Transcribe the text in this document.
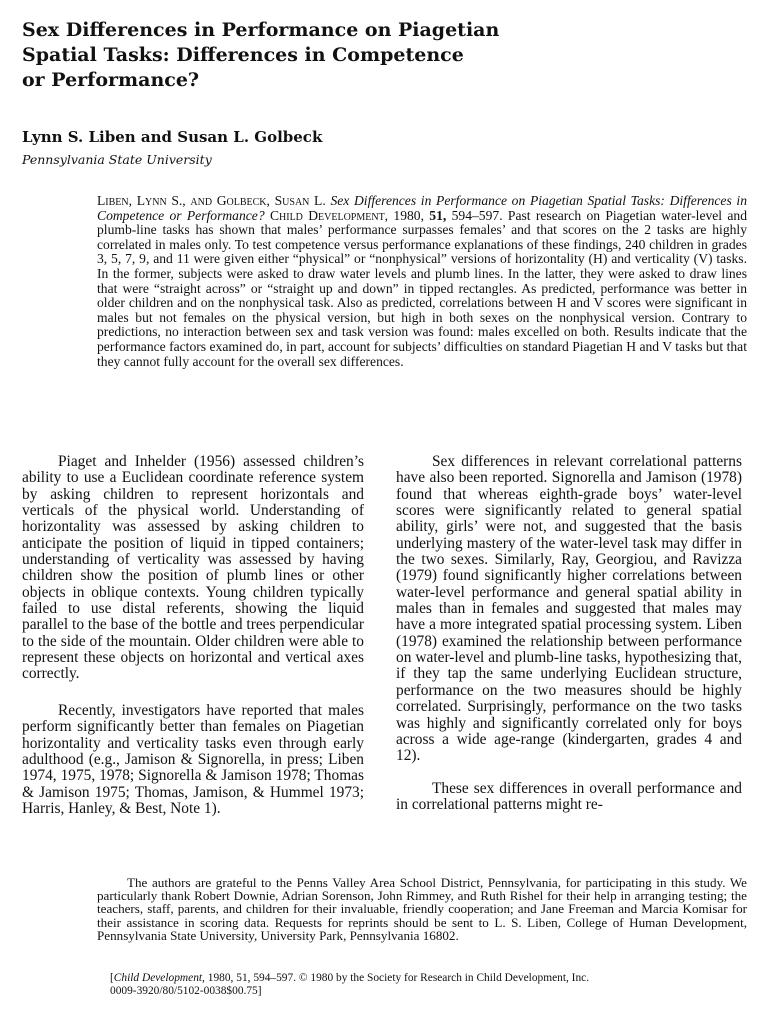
Sex Differences in Performance on Piagetian
Spatial Tasks: Differences in Competence
or Performance?

Lynn S. Liben and Susan L. Golbeck

Pennsylvania State University

Liben, Lynn S., and Golbeck, Susan L. Sex Differences in Performance on Piagetian Spatial Tasks: Differences in Competence or Performance? Child Development, 1980, 51, 594–597. Past research on Piagetian water-level and plumb-line tasks has shown that males’ performance surpasses females’ and that scores on the 2 tasks are highly correlated in males only. To test competence versus performance explanations of these findings, 240 children in grades 3, 5, 7, 9, and 11 were given either “physical” or “nonphysical” versions of horizontality (H) and verticality (V) tasks. In the former, subjects were asked to draw water levels and plumb lines. In the latter, they were asked to draw lines that were “straight across” or “straight up and down” in tipped rectangles. As predicted, performance was better in older children and on the nonphysical task. Also as predicted, correlations between H and V scores were significant in males but not females on the physical version, but high in both sexes on the nonphysical version. Contrary to predictions, no interaction between sex and task version was found: males excelled on both. Results indicate that the performance factors examined do, in part, account for subjects’ difficulties on standard Piagetian H and V tasks but that they cannot fully account for the overall sex differences.

Piaget and Inhelder (1956) assessed children’s ability to use a Euclidean coordinate reference system by asking children to represent horizontals and verticals of the physical world. Understanding of horizontality was assessed by asking children to anticipate the position of liquid in tipped containers; understanding of verticality was assessed by having children show the position of plumb lines or other objects in oblique contexts. Young children typically failed to use distal referents, showing the liquid parallel to the base of the bottle and trees perpendicular to the side of the mountain. Older children were able to represent these objects on horizontal and vertical axes correctly.

Recently, investigators have reported that males perform significantly better than females on Piagetian horizontality and verticality tasks even through early adulthood (e.g., Jamison & Signorella, in press; Liben 1974, 1975, 1978; Signorella & Jamison 1978; Thomas & Jamison 1975; Thomas, Jamison, & Hummel 1973; Harris, Hanley, & Best, Note 1).

Sex differences in relevant correlational patterns have also been reported. Signorella and Jamison (1978) found that whereas eighth-grade boys’ water-level scores were significantly related to general spatial ability, girls’ were not, and suggested that the basis underlying mastery of the water-level task may differ in the two sexes. Similarly, Ray, Georgiou, and Ravizza (1979) found significantly higher correlations between water-level performance and general spatial ability in males than in females and suggested that males may have a more integrated spatial processing system. Liben (1978) examined the relationship between performance on water-level and plumb-line tasks, hypothesizing that, if they tap the same underlying Euclidean structure, performance on the two measures should be highly correlated. Surprisingly, performance on the two tasks was highly and significantly correlated only for boys across a wide age-range (kindergarten, grades 4 and 12).

These sex differences in overall performance and in correlational patterns might re-

The authors are grateful to the Penns Valley Area School District, Pennsylvania, for participating in this study. We particularly thank Robert Downie, Adrian Sorenson, John Rimmey, and Ruth Rishel for their help in arranging testing; the teachers, staff, parents, and children for their invaluable, friendly cooperation; and Jane Freeman and Marcia Komisar for their assistance in scoring data. Requests for reprints should be sent to L. S. Liben, College of Human Development, Pennsylvania State University, University Park, Pennsylvania 16802.

[Child Development, 1980, 51, 594–597. © 1980 by the Society for Research in Child Development, Inc.
0009-3920/80/5102-0038$00.75]
